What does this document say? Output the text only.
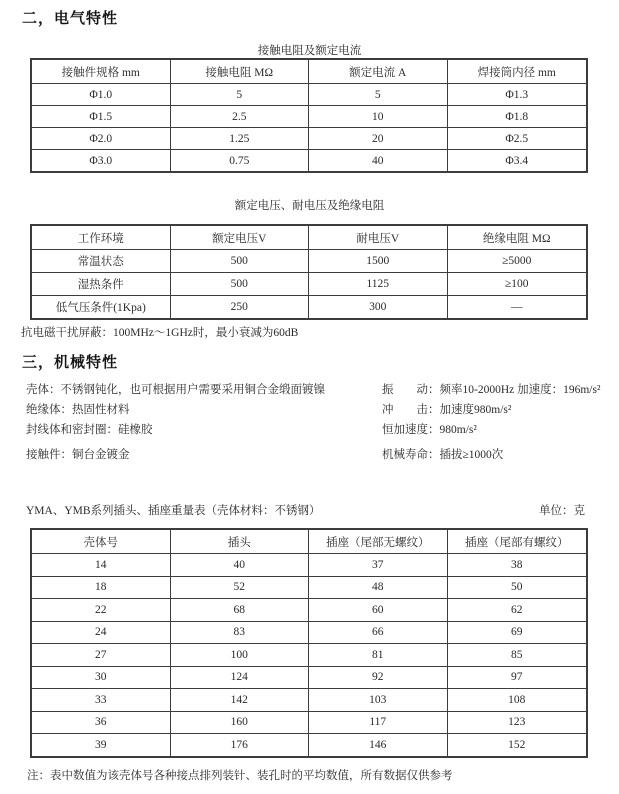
二，电气特性
接触电阻及额定电流
接触件规格 mm	接触电阻 MΩ	额定电流 A	焊接筒内径 mm
Φ1.0	5	5	Φ1.3
Φ1.5	2.5	10	Φ1.8
Φ2.0	1.25	20	Φ2.5
Φ3.0	0.75	40	Φ3.4
额定电压、耐电压及绝缘电阻
工作环境	额定电压V	耐电压V	绝缘电阻 MΩ
常温状态	500	1500	≥5000
湿热条件	500	1125	≥100
低气压条件(1Kpa)	250	300	—
抗电磁干扰屏蔽：100MHz～1GHz时，最小衰减为60dB
三，机械特性
壳体：不锈钢钝化，也可根据用户需要采用铜合金缎面镀镍
绝缘体：热固性材料
封线体和密封圈：硅橡胶
接触件：铜台金镀金
振　　动：频率10-2000Hz 加速度：196m/s²
冲　　击：加速度980m/s²
恒加速度：980m/s²
机械寿命：插拔≥1000次
YMA、YMB系列插头、插座重量表（壳体材料：不锈钢）	单位：克
壳体号	插头	插座（尾部无螺纹）	插座（尾部有螺纹）
14	40	37	38
18	52	48	50
22	68	60	62
24	83	66	69
27	100	81	85
30	124	92	97
33	142	103	108
36	160	117	123
39	176	146	152
注：表中数值为该壳体号各种接点排列装针、装孔时的平均数值，所有数据仅供参考
